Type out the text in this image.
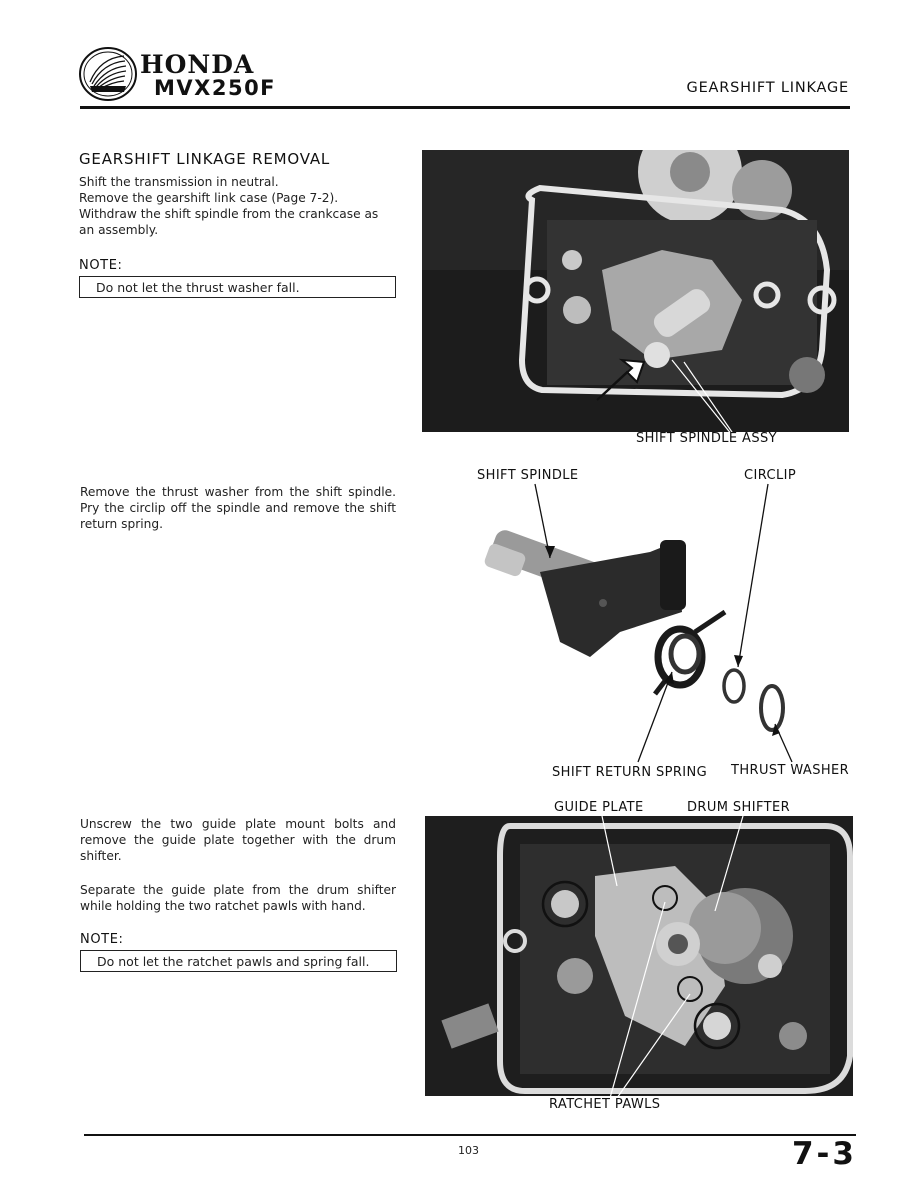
HONDA
MVX250F	GEARSHIFT LINKAGE
GEARSHIFT LINKAGE REMOVAL
Shift the transmission in neutral.
Remove the gearshift link case (Page 7-2).
Withdraw the shift spindle from the crankcase as an assembly.
NOTE:
Do not let the thrust washer fall.
SHIFT SPINDLE ASSY
Remove the thrust washer from the shift spindle. Pry the circlip off the spindle and remove the shift return spring.
SHIFT SPINDLE	CIRCLIP
SHIFT RETURN SPRING THRUST WASHER
Unscrew the two guide plate mount bolts and remove the guide plate together with the drum shifter.
Separate the guide plate from the drum shifter while holding the two ratchet pawls with hand.
NOTE:
Do not let the ratchet pawls and spring fall.
GUIDE PLATE	DRUM SHIFTER
RATCHET PAWLS
103	7-3
